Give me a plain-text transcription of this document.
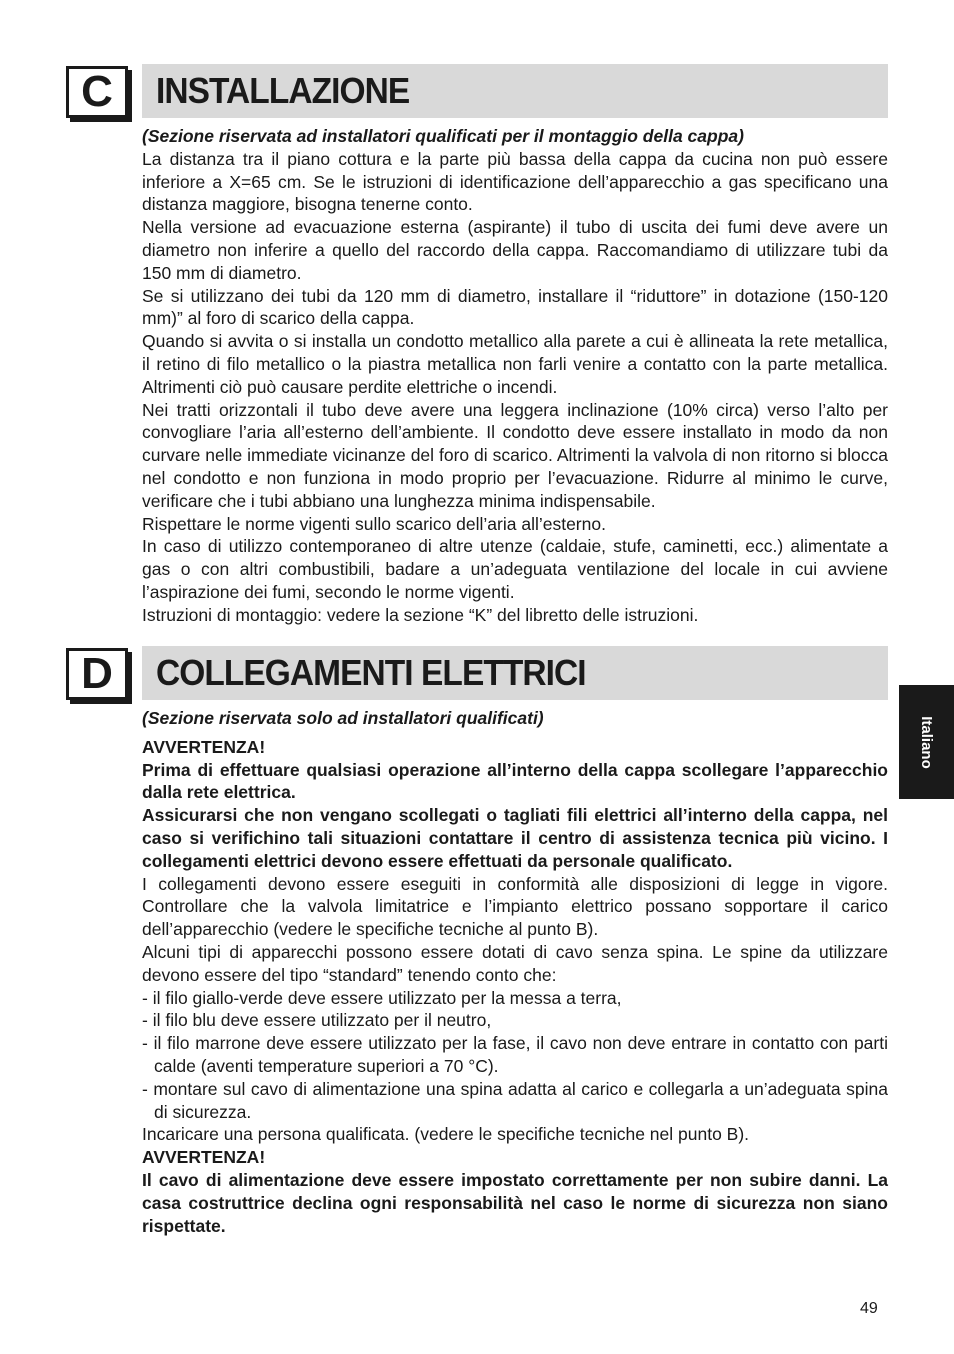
C INSTALLAZIONE

(Sezione riservata ad installatori qualificati per il montaggio della cappa)

La distanza tra il piano cottura e la parte più bassa della cappa da cucina non può essere inferiore a X=65 cm. Se le istruzioni di identificazione dell’apparecchio a gas specificano una distanza maggiore, bisogna tenerne conto.

Nella versione ad evacuazione esterna (aspirante) il tubo di uscita dei fumi deve avere un diametro non inferire a quello del raccordo della cappa. Raccomandiamo di utilizzare tubi da 150 mm di diametro.

Se si utilizzano dei tubi da 120 mm di diametro, installare il “riduttore” in dotazione (150-120 mm)” al foro di scarico della cappa.

Quando si avvita o si installa un condotto metallico alla parete a cui è allineata la rete metallica, il retino di filo metallico o la piastra metallica non farli venire a contatto con la parte metallica. Altrimenti ciò può causare perdite elettriche o incendi.

Nei tratti orizzontali il tubo deve avere una leggera inclinazione (10% circa) verso l’alto per convogliare l’aria all’esterno dell’ambiente. Il condotto deve essere installato in modo da non curvare nelle immediate vicinanze del foro di scarico. Altrimenti la valvola di non ritorno si blocca nel condotto e non funziona in modo proprio per l’evacuazione. Ridurre al minimo le curve, verificare che i tubi abbiano una lunghezza minima indispensabile.

Rispettare le norme vigenti sullo scarico dell’aria all’esterno.

In caso di utilizzo contemporaneo di altre utenze (caldaie, stufe, caminetti, ecc.) alimentate a gas o con altri combustibili, badare a un’adeguata ventilazione del locale in cui avviene l’aspirazione dei fumi, secondo le norme vigenti.

Istruzioni di montaggio: vedere la sezione “K” del libretto delle istruzioni.

D COLLEGAMENTI ELETTRICI

(Sezione riservata solo ad installatori qualificati)

AVVERTENZA!

Prima di effettuare qualsiasi operazione all’interno della cappa scollegare l’apparecchio dalla rete elettrica.

Assicurarsi che non vengano scollegati o tagliati fili elettrici all’interno della cappa, nel caso si verifichino tali situazioni contattare il centro di assistenza tecnica più vicino. I collegamenti elettrici devono essere effettuati da personale qualificato.

I collegamenti devono essere eseguiti in conformità alle disposizioni di legge in vigore. Controllare che la valvola limitatrice e l’impianto elettrico possano sopportare il carico dell’apparecchio (vedere le specifiche tecniche al punto B).

Alcuni tipi di apparecchi possono essere dotati di cavo senza spina. Le spine da utilizzare devono essere del tipo “standard” tenendo conto che:

- il filo giallo-verde deve essere utilizzato per la messa a terra,

- il filo blu deve essere utilizzato per il neutro,

- il filo marrone deve essere utilizzato per la fase, il cavo non deve entrare in contatto con parti calde (aventi temperature superiori a 70 °C).

- montare sul cavo di alimentazione una spina adatta al carico e collegarla a un’adeguata spina di sicurezza.

Incaricare una persona qualificata. (vedere le specifiche tecniche nel punto B).

AVVERTENZA!

Il cavo di alimentazione deve essere impostato correttamente per non subire danni. La casa costruttrice declina ogni responsabilità nel caso le norme di sicurezza non siano rispettate.

Italiano
49
